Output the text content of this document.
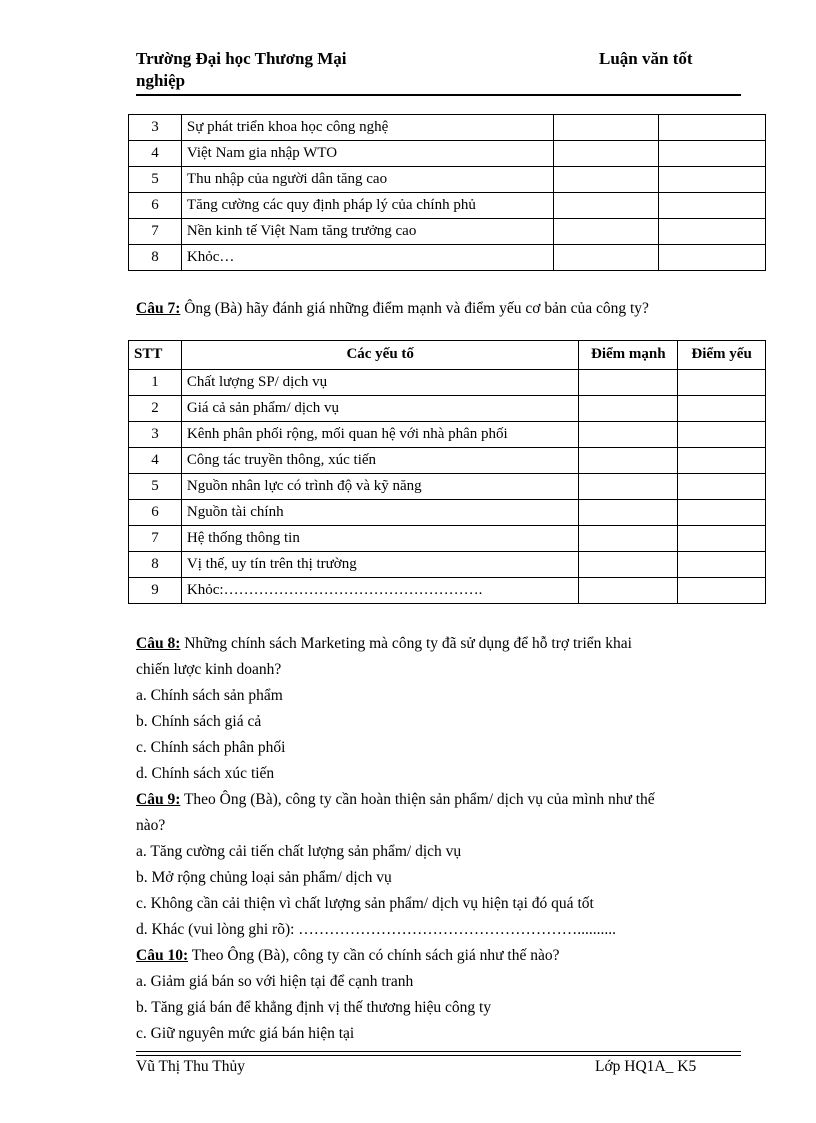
Trường Đại học Thương Mại nghiệp
Luận văn tốt
3	Sự phát triển khoa học công nghệ		
4	Việt Nam gia nhập WTO		
5	Thu nhập của người dân tăng cao		
6	Tăng cường các quy định pháp lý của chính phủ		
7	Nền kinh tế Việt Nam tăng trưởng cao		
8	Khỏc…		
Câu 7: Ông (Bà) hãy đánh giá những điểm mạnh và điểm yếu cơ bản của công ty?
STT	Các yếu tố	Điểm mạnh	Điểm yếu
1	Chất lượng SP/ dịch vụ		
2	Giá cả sản phẩm/ dịch vụ		
3	Kênh phân phối rộng, mối quan hệ với nhà phân phối		
4	Công tác truyền thông, xúc tiến		
5	Nguồn nhân lực có trình độ và kỹ năng		
6	Nguồn tài chính		
7	Hệ thống thông tin		
8	Vị thế, uy tín trên thị trường		
9	Khỏc:…………………………………………….		
Câu 8: Những chính sách Marketing mà công ty đã sử dụng để hỗ trợ triển khai
chiến lược kinh doanh?
a. Chính sách sản phẩm
b. Chính sách giá cả
c. Chính sách phân phối
d. Chính sách xúc tiến
Câu 9: Theo Ông (Bà), công ty cần hoàn thiện sản phẩm/ dịch vụ của mình như thế
nào?
a. Tăng cường cải tiến chất lượng sản phẩm/ dịch vụ
b. Mở rộng chủng loại sản phẩm/ dịch vụ
c. Không cần cải thiện vì chất lượng sản phẩm/ dịch vụ hiện tại đó quá tốt
d. Khác (vui lòng ghi rõ): ………………………………………………..........
Câu 10: Theo Ông (Bà), công ty cần có chính sách giá như thế nào?
a. Giảm giá bán so với hiện tại để cạnh tranh
b. Tăng giá bán để khẳng định vị thế thương hiệu công ty
c. Giữ nguyên mức giá bán hiện tại
Vũ Thị Thu Thủy	Lớp HQ1A_ K5
